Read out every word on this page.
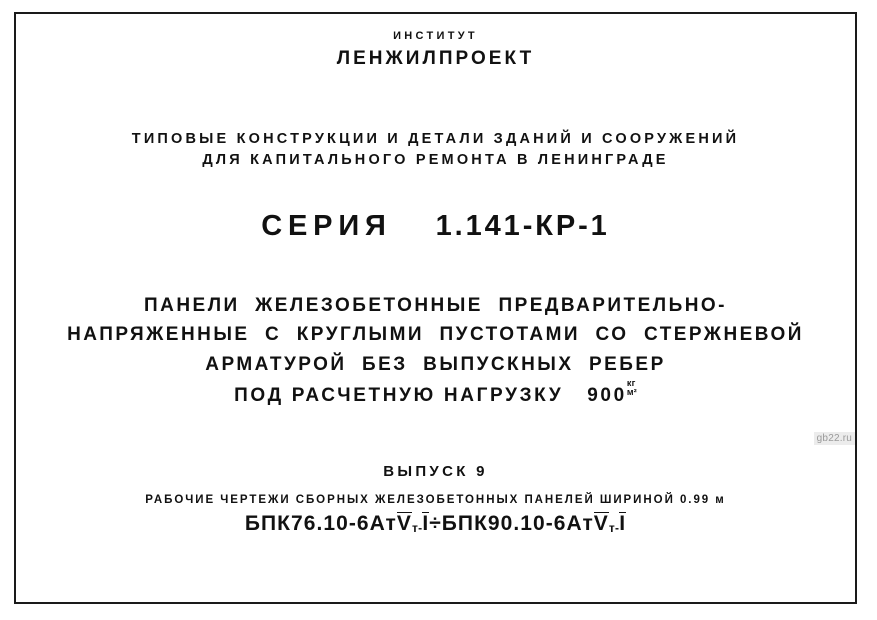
ИНСТИТУТ
ЛЕНЖИЛПРОЕКТ
ТИПОВЫЕ КОНСТРУКЦИИ И ДЕТАЛИ ЗДАНИЙ И СООРУЖЕНИЙ
ДЛЯ КАПИТАЛЬНОГО РЕМОНТА В ЛЕНИНГРАДЕ
СЕРИЯ 1.141-КР-1
ПАНЕЛИ  ЖЕЛЕЗОБЕТОННЫЕ  ПРЕДВАРИТЕЛЬНО-
НАПРЯЖЕННЫЕ  С  КРУГЛЫМИ  ПУСТОТАМИ  СО  СТЕРЖНЕВОЙ
АРМАТУРОЙ  БЕЗ  ВЫПУСКНЫХ  РЕБЕР
ПОД РАСЧЕТНУЮ НАГРУЗКУ   900
кг
м²
ВЫПУСК 9
РАБОЧИЕ ЧЕРТЕЖИ СБОРНЫХ ЖЕЛЕЗОБЕТОННЫХ ПАНЕЛЕЙ ШИРИНОЙ 0.99 м
БПК76.10-6АтVт-I÷БПК90.10-6АтVт-I
gb22.ru
